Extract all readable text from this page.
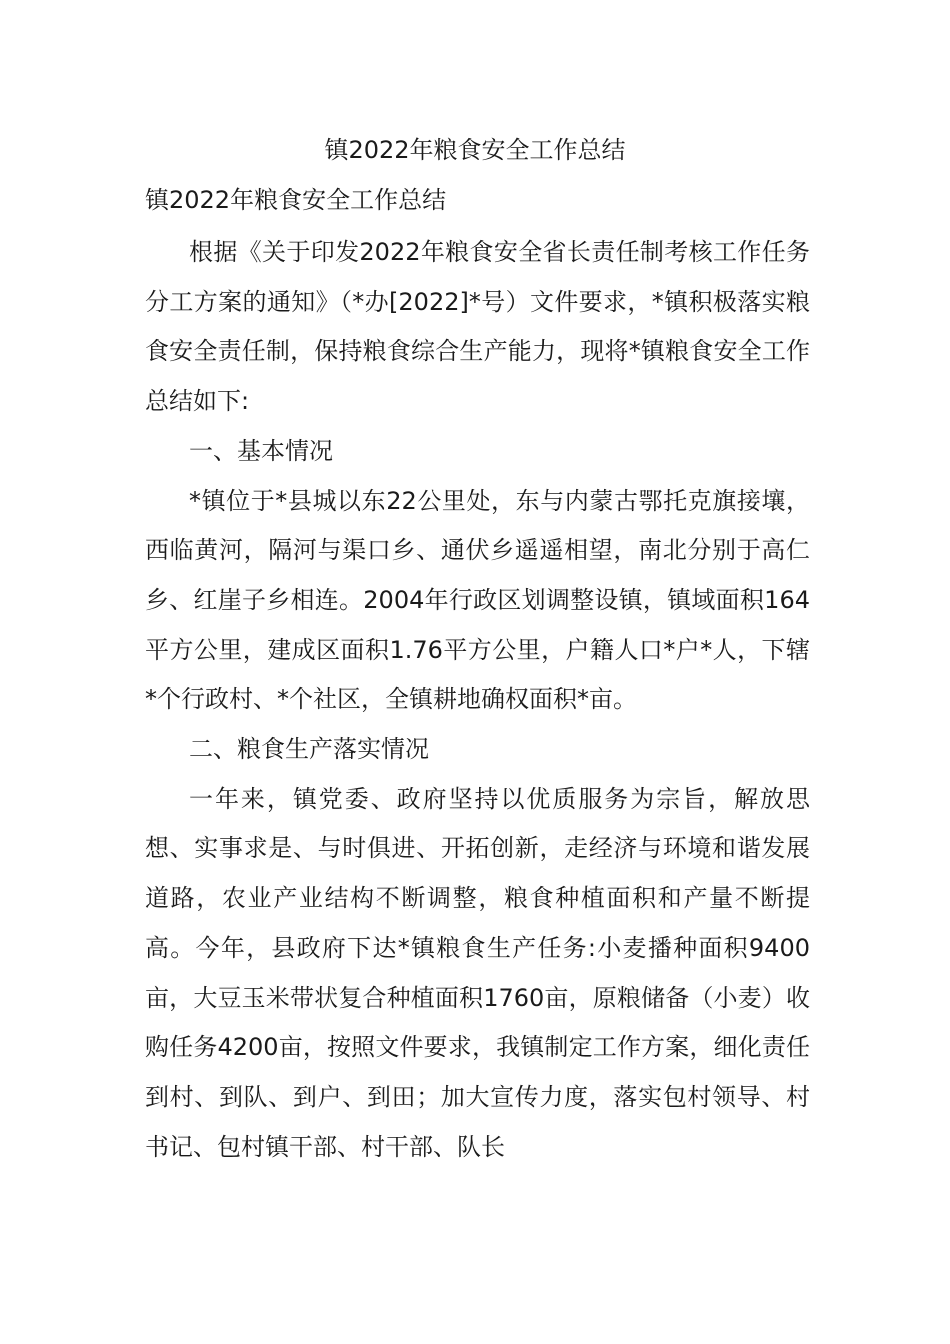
镇2022年粮食安全工作总结
镇2022年粮食安全工作总结

根据《关于印发2022年粮食安全省长责任制考核工作任务分工方案的通知》（*办[2022]*号）文件要求，*镇积极落实粮食安全责任制，保持粮食综合生产能力，现将*镇粮食安全工作总结如下:

一、基本情况

*镇位于*县城以东22公里处，东与内蒙古鄂托克旗接壤，西临黄河，隔河与渠口乡、通伏乡遥遥相望，南北分别于高仁乡、红崖子乡相连。2004年行政区划调整设镇，镇域面积164平方公里，建成区面积1.76平方公里，户籍人口*户*人，下辖*个行政村、*个社区，全镇耕地确权面积*亩。

二、粮食生产落实情况

一年来，镇党委、政府坚持以优质服务为宗旨，解放思想、实事求是、与时俱进、开拓创新，走经济与环境和谐发展道路，农业产业结构不断调整，粮食种植面积和产量不断提高。今年，县政府下达*镇粮食生产任务:小麦播种面积9400亩，大豆玉米带状复合种植面积1760亩，原粮储备（小麦）收购任务4200亩，按照文件要求，我镇制定工作方案，细化责任到村、到队、到户、到田；加大宣传力度，落实包村领导、村书记、包村镇干部、村干部、队长
